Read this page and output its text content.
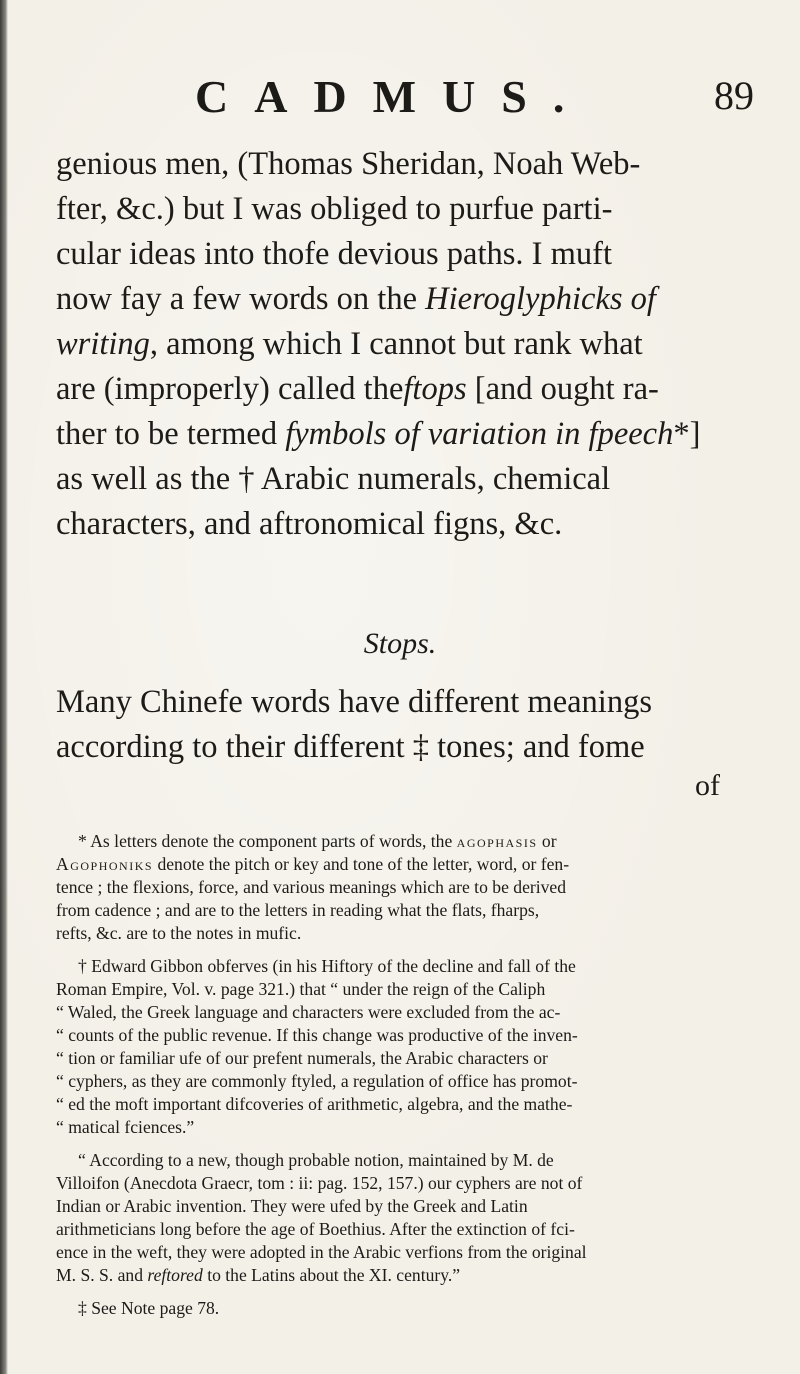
CADMUS.	89
genious men, (Thomas Sheridan, Noah Web-
fter, &c.) but I was obliged to purfue parti-
cular ideas into thofe devious paths. I muft
now fay a few words on the Hieroglyphicks of
writing, among which I cannot but rank what
are (improperly) called theftops [and ought ra-
ther to be termed fymbols of variation in fpeech*]
as well as the † Arabic numerals, chemical
characters, and aftronomical figns, &c.
Stops.
Many Chinefe words have different meanings
according to their different ‡ tones; and fome
of
* As letters denote the component parts of words, the agophasis or
Agophoniks denote the pitch or key and tone of the letter, word, or fen-
tence ; the flexions, force, and various meanings which are to be derived
from cadence ; and are to the letters in reading what the flats, fharps,
refts, &c. are to the notes in mufic.
† Edward Gibbon obferves (in his Hiftory of the decline and fall of the
Roman Empire, Vol. v. page 321.) that “ under the reign of the Caliph
“ Waled, the Greek language and characters were excluded from the ac-
“ counts of the public revenue. If this change was productive of the inven-
“ tion or familiar ufe of our prefent numerals, the Arabic characters or
“ cyphers, as they are commonly ftyled, a regulation of office has promot-
“ ed the moft important difcoveries of arithmetic, algebra, and the mathe-
“ matical fciences.”
“ According to a new, though probable notion, maintained by M. de
Villoifon (Anecdota Graecr, tom : ii: pag. 152, 157.) our cyphers are not of
Indian or Arabic invention. They were ufed by the Greek and Latin
arithmeticians long before the age of Boethius. After the extinction of fci-
ence in the weft, they were adopted in the Arabic verfions from the original
M. S. S. and reftored to the Latins about the XI. century.”
‡ See Note page 78.
